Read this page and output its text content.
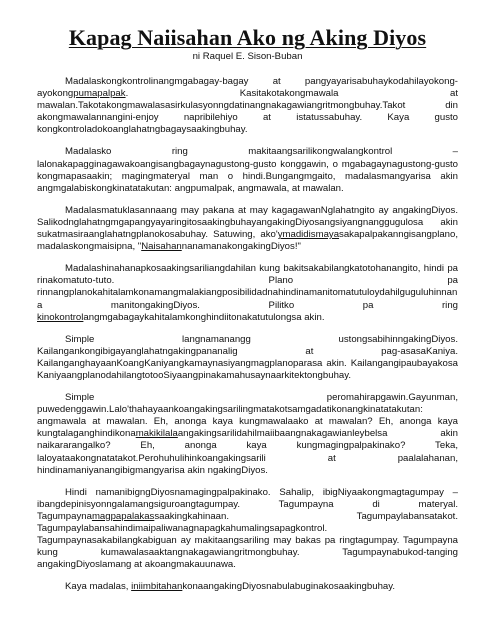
Kapag Naiisahan Ako ng Aking Diyos
ni Raquel E. Sison-Buban

Madalaskongkontrolinangmgabagay-bagay at pangyayarisabuhaykodahilayokong-ayokongpumapalpak. Kasitakotakongmawala at mawalan.Takotakongmawalasasirkulasyonngdatinangnakagawiangritmongbuhay.Takot din akongmawalannangini-enjoy napribilehiyo at istatussabuhay. Kaya gusto kongkontroladokoanglahatngbagaysaakingbuhay.

Madalasko ring makitaangsarilikongwalangkontrol – lalonakapagginagawakoangisangbagaynagustong-gusto konggawin, o mgabagaynagustong-gusto kongmapasaakin; magingmateryal man o hindi.Bungangmgaito, madalasmangyarisa akin angmgalabiskongkinatatakutan: angpumalpak, angmawala, at mawalan.

Madalasmatuklasannaang may pakana at may kagagawanNglahatngito ay angakingDiyos. SalikodnglahatngmgapangyayaringitosaakingbuhayangakingDiyosangsiyangnanggugulosa akin sukatmasiraanglahatngplanokosabuhay. Satuwing, ako'ymadidismayasakapalpakanngisangplano, madalaskongmaisipna, "NaisahannanamanakongakingDiyos!"

Madalashinahanapkosaakingsariliangdahilan kung bakitsakabilangkatotohanangito, hindi pa rinakomatuto-tuto. Plano pa rinnangplanokahitalamkonamangmalakiangposibilidadnahindinamanitomatutuloydahilguguluhinnana manitongakingDiyos. Pilitko pa ring kinokontrolangmgabagaykahitalamkonghindiitonakatutulongsa akin.

Simple langnamanangg ustongsabihinngakingDiyos. Kailangankongibigayanglahatngakingpananalig at pag-asasaKaniya. KailanganghayaanKoangKaniyangkamaynasiyangmagplanoparasa akin. Kailangangipaubayakosa KaniyaangplanodahilangtotooSiyaangpinakamahusaynaarkitektongbuhay.

Simple peromahirapgawin.Gayunman, puwedenggawin.Lalo'thahayaankoangakingsarilingmatakotsamgadatikonangkinatatakutan: angmawala at mawalan. Eh, anonga kaya kungmawalaako at mawalan? Eh, anonga kaya kungtalaganghindikonamakikilalaangakingsarilidahilmaiibaangnakagawianleybelsa akin naikararangalko? Eh, anonga kaya kungmagingpalpakinako? Teka, laloyataakongnatatakot.Perohuhulihinkoangakingsarili at paalalahanan, hindinamaniyanangibigmangyarisa akin ngakingDiyos.

Hindi namanibigngDiyosnamagingpalpakinako. Sahalip, ibigNiyaakongmagtagumpay – ibangdepinisyonngalamangsiguroangtagumpay. Tagumpayna di materyal. Tagumpaynamagpapalakassaakingkahinaan. Tagumpaylabansatakot. Tagumpaylabansahindimaipaliwanagnapagkahumalingsapagkontrol. Tagumpaynasakabilangkabiguan ay makitaangsariling may bakas pa ringtagumpay. Tagumpayna kung kumawalasaaktangnakagawiangritmongbuhay. Tagumpaynabukod-tanging angakingDiyoslamang at akoangmakauunawa.

Kaya madalas, iniimbitahankonaangakingDiyosnabulabuginakosaakingbuhay.
